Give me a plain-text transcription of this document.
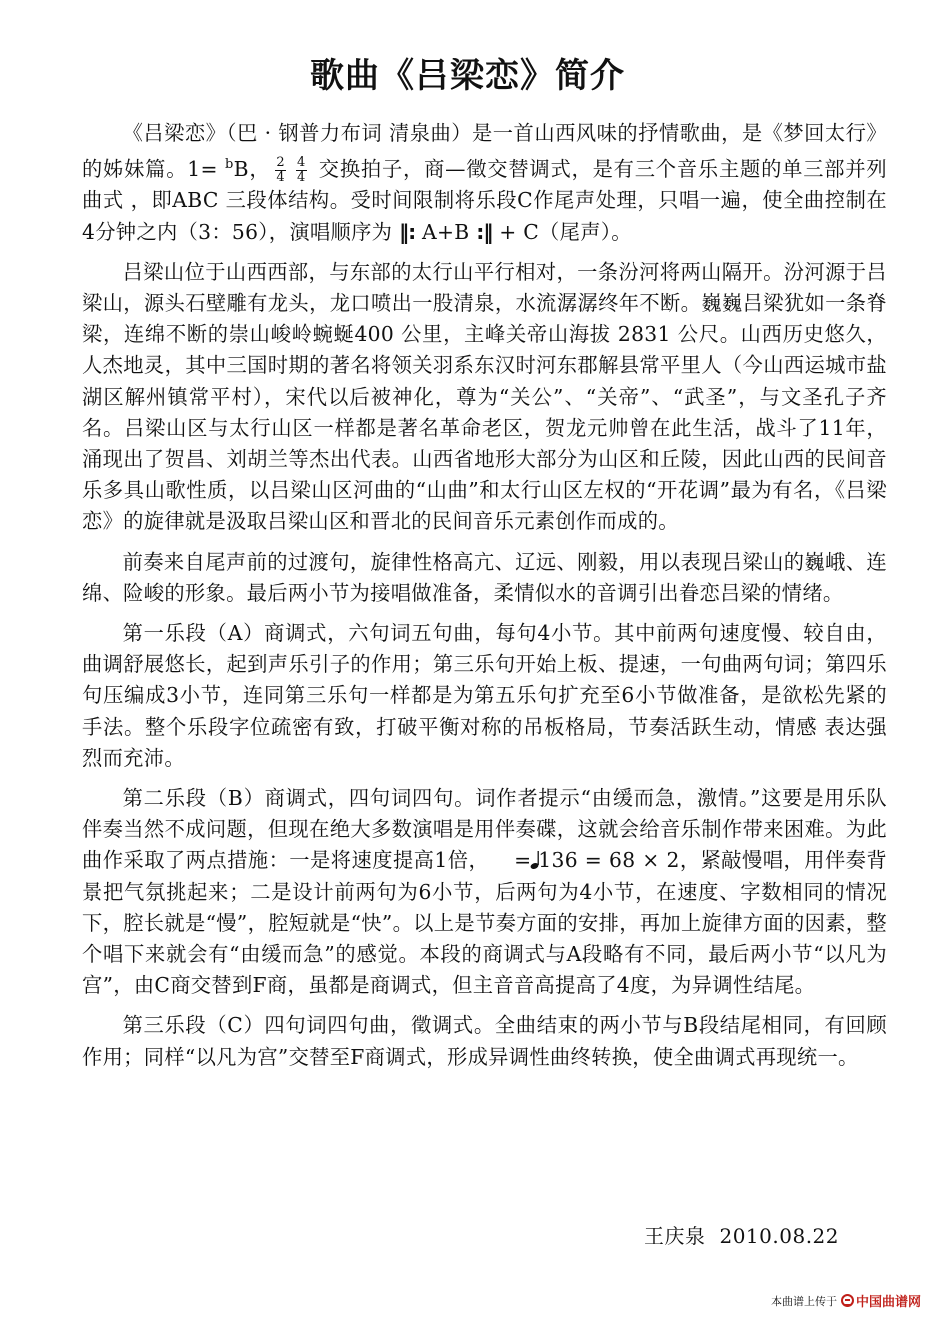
歌曲《吕梁恋》简介

《吕梁恋》（巴 · 钢普力布词 清泉曲）是一首山西风味的抒情歌曲，是《梦回太行》的姊妹篇。1= $^b$B， $\frac{2}{4} \frac{4}{4}$ 交换拍子，商—徵交替调式，是有三个音乐主题的单三部并列曲式 ，即ABC 三段体结构。受时间限制将乐段C作尾声处理，只唱一遍，使全曲控制在4分钟之内（3：56），演唱顺序为 ‖: A+B :‖ + C（尾声）。

吕梁山位于山西西部，与东部的太行山平行相对，一条汾河将两山隔开。汾河源于吕梁山，源头石壁雕有龙头，龙口喷出一股清泉，水流潺潺终年不断。巍巍吕梁犹如一条脊梁，连绵不断的崇山峻岭蜿蜒400 公里，主峰关帝山海拔 2831 公尺。山西历史悠久，人杰地灵，其中三国时期的著名将领关羽系东汉时河东郡解县常平里人（今山西运城市盐湖区解州镇常平村），宋代以后被神化，尊为“关公”、“关帝”、“武圣”，与文圣孔子齐名。吕梁山区与太行山区一样都是著名革命老区，贺龙元帅曾在此生活，战斗了11年，涌现出了贺昌、刘胡兰等杰出代表。山西省地形大部分为山区和丘陵，因此山西的民间音乐多具山歌性质，以吕梁山区河曲的“山曲”和太行山区左权的“开花调”最为有名，《吕梁恋》的旋律就是汲取吕梁山区和晋北的民间音乐元素创作而成的。

前奏来自尾声前的过渡句，旋律性格高亢、辽远、刚毅，用以表现吕梁山的巍峨、连绵、险峻的形象。最后两小节为接唱做准备，柔情似水的音调引出眷恋吕梁的情绪。

第一乐段（A）商调式，六句词五句曲，每句4小节。其中前两句速度慢、较自由，曲调舒展悠长，起到声乐引子的作用；第三乐句开始上板、提速，一句曲两句词；第四乐句压编成3小节，连同第三乐句一样都是为第五乐句扩充至6小节做准备，是欲松先紧的手法。整个乐段字位疏密有致，打破平衡对称的吊板格局，节奏活跃生动，情感 表达强烈而充沛。

第二乐段（B）商调式，四句词四句。词作者提示“由缓而急，激情。”这要是用乐队伴奏当然不成问题，但现在绝大多数演唱是用伴奏碟，这就会给音乐制作带来困难。为此曲作采取了两点措施：一是将速度提高1倍， = 136 = 68 × 2，紧敲慢唱，用伴奏背景把气氛挑起来；二是设计前两句为6小节，后两句为4小节，在速度、字数相同的情况下，腔长就是“慢”，腔短就是“快”。以上是节奏方面的安排，再加上旋律方面的因素，整个唱下来就会有“由缓而急”的感觉。本段的商调式与A段略有不同，最后两小节“以凡为宫”，由C商交替到F商，虽都是商调式，但主音音高提高了4度，为异调性结尾。

第三乐段（C）四句词四句曲，徵调式。全曲结束的两小节与B段结尾相同，有回顾作用；同样“以凡为宫”交替至F商调式，形成异调性曲终转换，使全曲调式再现统一。

王庆泉 2010.08.22
本曲谱上传于 中国曲谱网
